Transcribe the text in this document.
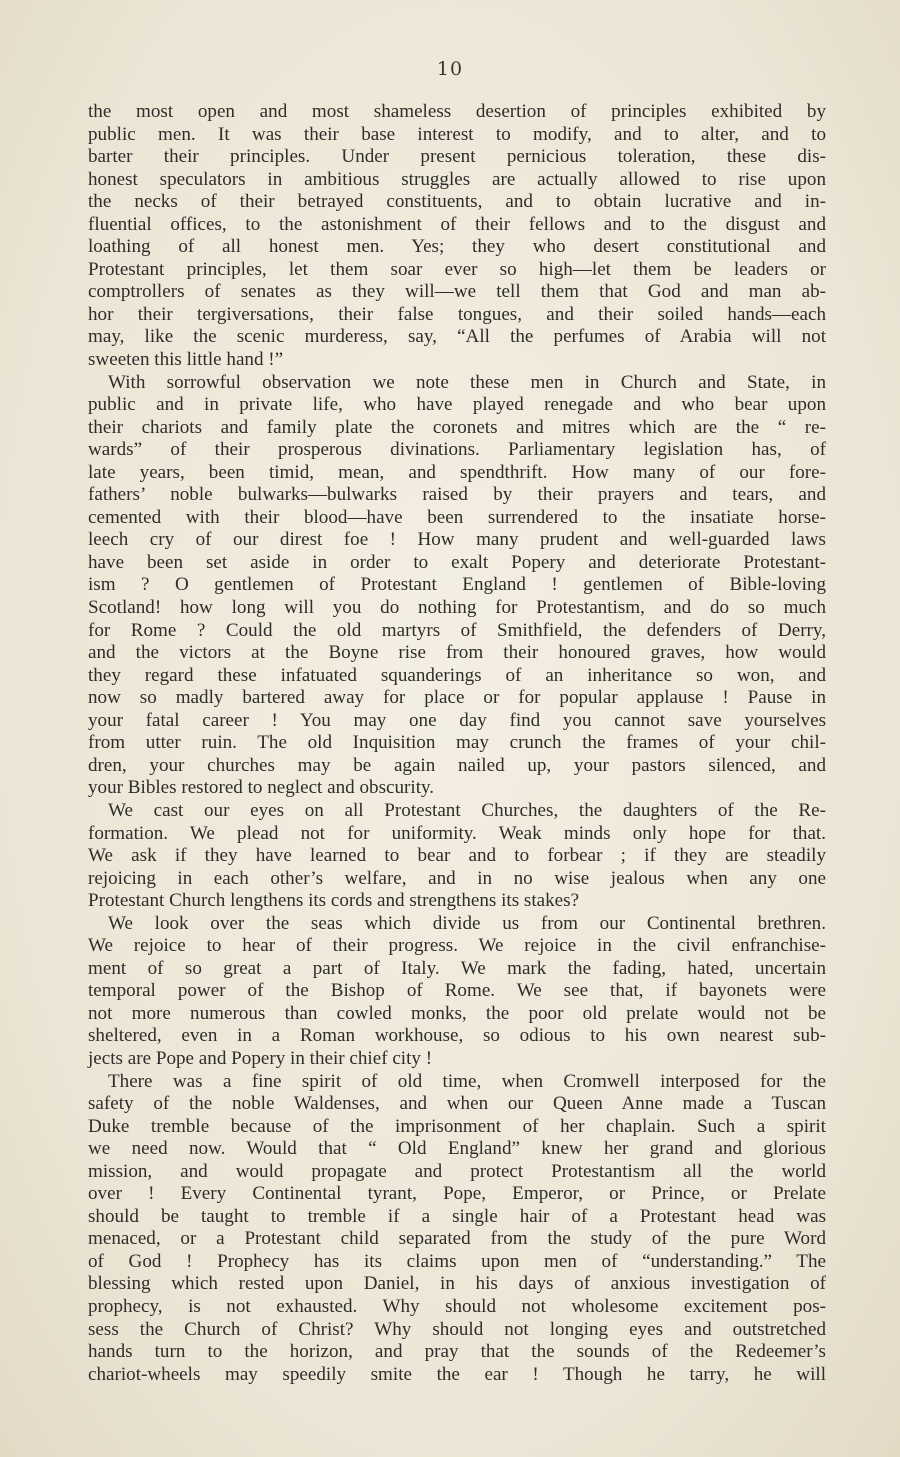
10
the most open and most shameless desertion of principles exhibited by
public men. It was their base interest to modify, and to alter, and to
barter their principles. Under present pernicious toleration, these dis-
honest speculators in ambitious struggles are actually allowed to rise upon
the necks of their betrayed constituents, and to obtain lucrative and in-
fluential offices, to the astonishment of their fellows and to the disgust and
loathing of all honest men. Yes; they who desert constitutional and
Protestant principles, let them soar ever so high—let them be leaders or
comptrollers of senates as they will—we tell them that God and man ab-
hor their tergiversations, their false tongues, and their soiled hands—each
may, like the scenic murderess, say, “All the perfumes of Arabia will not
sweeten this little hand !”
With sorrowful observation we note these men in Church and State, in
public and in private life, who have played renegade and who bear upon
their chariots and family plate the coronets and mitres which are the “ re-
wards” of their prosperous divinations. Parliamentary legislation has, of
late years, been timid, mean, and spendthrift. How many of our fore-
fathers’ noble bulwarks—bulwarks raised by their prayers and tears, and
cemented with their blood—have been surrendered to the insatiate horse-
leech cry of our direst foe ! How many prudent and well-guarded laws
have been set aside in order to exalt Popery and deteriorate Protestant-
ism ? O gentlemen of Protestant England ! gentlemen of Bible-loving
Scotland! how long will you do nothing for Protestantism, and do so much
for Rome ? Could the old martyrs of Smithfield, the defenders of Derry,
and the victors at the Boyne rise from their honoured graves, how would
they regard these infatuated squanderings of an inheritance so won, and
now so madly bartered away for place or for popular applause ! Pause in
your fatal career ! You may one day find you cannot save yourselves
from utter ruin. The old Inquisition may crunch the frames of your chil-
dren, your churches may be again nailed up, your pastors silenced, and
your Bibles restored to neglect and obscurity.
We cast our eyes on all Protestant Churches, the daughters of the Re-
formation. We plead not for uniformity. Weak minds only hope for that.
We ask if they have learned to bear and to forbear ; if they are steadily
rejoicing in each other’s welfare, and in no wise jealous when any one
Protestant Church lengthens its cords and strengthens its stakes?
We look over the seas which divide us from our Continental brethren.
We rejoice to hear of their progress. We rejoice in the civil enfranchise-
ment of so great a part of Italy. We mark the fading, hated, uncertain
temporal power of the Bishop of Rome. We see that, if bayonets were
not more numerous than cowled monks, the poor old prelate would not be
sheltered, even in a Roman workhouse, so odious to his own nearest sub-
jects are Pope and Popery in their chief city !
There was a fine spirit of old time, when Cromwell interposed for the
safety of the noble Waldenses, and when our Queen Anne made a Tuscan
Duke tremble because of the imprisonment of her chaplain. Such a spirit
we need now. Would that “ Old England” knew her grand and glorious
mission, and would propagate and protect Protestantism all the world
over ! Every Continental tyrant, Pope, Emperor, or Prince, or Prelate
should be taught to tremble if a single hair of a Protestant head was
menaced, or a Protestant child separated from the study of the pure Word
of God ! Prophecy has its claims upon men of “understanding.” The
blessing which rested upon Daniel, in his days of anxious investigation of
prophecy, is not exhausted. Why should not wholesome excitement pos-
sess the Church of Christ? Why should not longing eyes and outstretched
hands turn to the horizon, and pray that the sounds of the Redeemer’s
chariot-wheels may speedily smite the ear ! Though he tarry, he will
